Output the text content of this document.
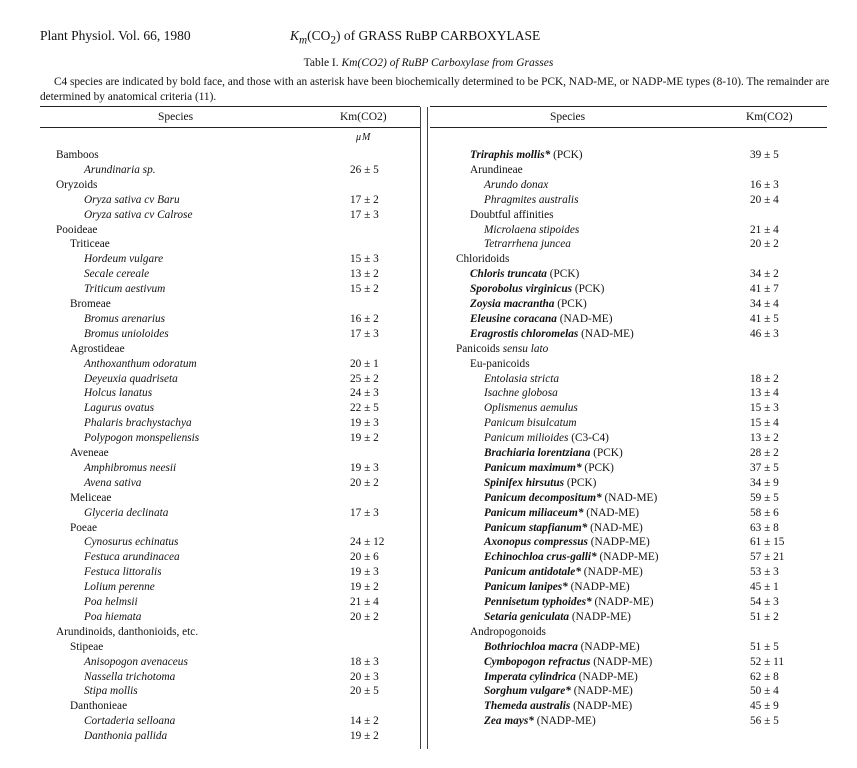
Plant Physiol. Vol. 66, 1980	$K_m(CO_2)$ of GRASS RuBP CARBOXYLASE
Table I. Km(CO2) of RuBP Carboxylase from Grasses
C4 species are indicated by bold face, and those with an asterisk have been biochemically determined to be PCK, NAD-ME, or NADP-ME types (8-10). The remainder are determined by anatomical criteria (11).
Species	Km(CO2)	Species	Km(CO2)
μM
Bamboos
Arundinaria sp.	26 ± 5
Oryzoids
Oryza sativa cv Baru	17 ± 2
Oryza sativa cv Calrose	17 ± 3
Pooideae
Triticeae
Hordeum vulgare	15 ± 3
Secale cereale	13 ± 2
Triticum aestivum	15 ± 2
Bromeae
Bromus arenarius	16 ± 2
Bromus unioloides	17 ± 3
Agrostideae
Anthoxanthum odoratum	20 ± 1
Deyeuxia quadriseta	25 ± 2
Holcus lanatus	24 ± 3
Lagurus ovatus	22 ± 5
Phalaris brachystachya	19 ± 3
Polypogon monspeliensis	19 ± 2
Aveneae
Amphibromus neesii	19 ± 3
Avena sativa	20 ± 2
Meliceae
Glyceria declinata	17 ± 3
Poeae
Cynosurus echinatus	24 ± 12
Festuca arundinacea	20 ± 6
Festuca littoralis	19 ± 3
Lolium perenne	19 ± 2
Poa helmsii	21 ± 4
Poa hiemata	20 ± 2
Arundinoids, danthonioids, etc.
Stipeae
Anisopogon avenaceus	18 ± 3
Nassella trichotoma	20 ± 3
Stipa mollis	20 ± 5
Danthonieae
Cortaderia selloana	14 ± 2
Danthonia pallida	19 ± 2
Triraphis mollis* (PCK)	39 ± 5
Arundineae
Arundo donax	16 ± 3
Phragmites australis	20 ± 4
Doubtful affinities
Microlaena stipoides	21 ± 4
Tetrarrhena juncea	20 ± 2
Chloridoids
Chloris truncata (PCK)	34 ± 2
Sporobolus virginicus (PCK)	41 ± 7
Zoysia macrantha (PCK)	34 ± 4
Eleusine coracana (NAD-ME)	41 ± 5
Eragrostis chloromelas (NAD-ME)	46 ± 3
Panicoids sensu lato
Eu-panicoids
Entolasia stricta	18 ± 2
Isachne globosa	13 ± 4
Oplismenus aemulus	15 ± 3
Panicum bisulcatum	15 ± 4
Panicum milioides (C3-C4)	13 ± 2
Brachiaria lorentziana (PCK)	28 ± 2
Panicum maximum* (PCK)	37 ± 5
Spinifex hirsutus (PCK)	34 ± 9
Panicum decompositum* (NAD-ME)	59 ± 5
Panicum miliaceum* (NAD-ME)	58 ± 6
Panicum stapfianum* (NAD-ME)	63 ± 8
Axonopus compressus (NADP-ME)	61 ± 15
Echinochloa crus-galli* (NADP-ME)	57 ± 21
Panicum antidotale* (NADP-ME)	53 ± 3
Panicum lanipes* (NADP-ME)	45 ± 1
Pennisetum typhoides* (NADP-ME)	54 ± 3
Setaria geniculata (NADP-ME)	51 ± 2
Andropogonoids
Bothriochloa macra (NADP-ME)	51 ± 5
Cymbopogon refractus (NADP-ME)	52 ± 11
Imperata cylindrica (NADP-ME)	62 ± 8
Sorghum vulgare* (NADP-ME)	50 ± 4
Themeda australis (NADP-ME)	45 ± 9
Zea mays* (NADP-ME)	56 ± 5
